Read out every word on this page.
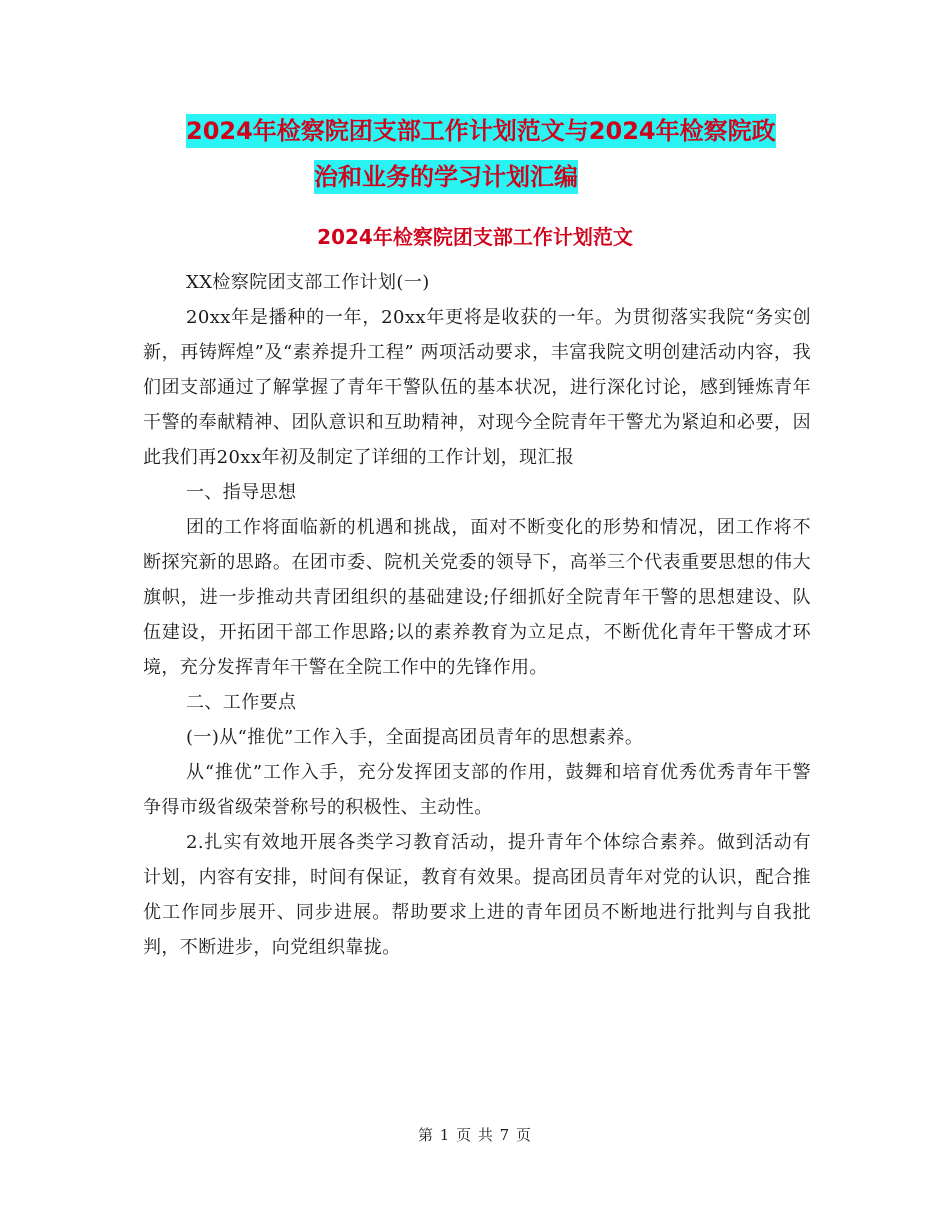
2024年检察院团支部工作计划范文与2024年检察院政
治和业务的学习计划汇编
2024年检察院团支部工作计划范文

XX检察院团支部工作计划(一)

20xx年是播种的一年，20xx年更将是收获的一年。为贯彻落实我院“务实创新，再铸辉煌”及“素养提升工程” 两项活动要求，丰富我院文明创建活动内容，我们团支部通过了解掌握了青年干警队伍的基本状况，进行深化讨论，感到锤炼青年干警的奉献精神、团队意识和互助精神，对现今全院青年干警尤为紧迫和必要，因此我们再20xx年初及制定了详细的工作计划，现汇报

一、指导思想

团的工作将面临新的机遇和挑战，面对不断变化的形势和情况，团工作将不断探究新的思路。在团市委、院机关党委的领导下，高举三个代表重要思想的伟大旗帜，进一步推动共青团组织的基础建设;仔细抓好全院青年干警的思想建设、队伍建设，开拓团干部工作思路;以的素养教育为立足点，不断优化青年干警成才环境，充分发挥青年干警在全院工作中的先锋作用。

二、工作要点

(一)从“推优”工作入手，全面提高团员青年的思想素养。

从“推优”工作入手，充分发挥团支部的作用，鼓舞和培育优秀优秀青年干警争得市级省级荣誉称号的积极性、主动性。

2.扎实有效地开展各类学习教育活动，提升青年个体综合素养。做到活动有计划，内容有安排，时间有保证，教育有效果。提高团员青年对党的认识，配合推优工作同步展开、同步进展。帮助要求上进的青年团员不断地进行批判与自我批判，不断进步，向党组织靠拢。

第 1 页 共 7 页
